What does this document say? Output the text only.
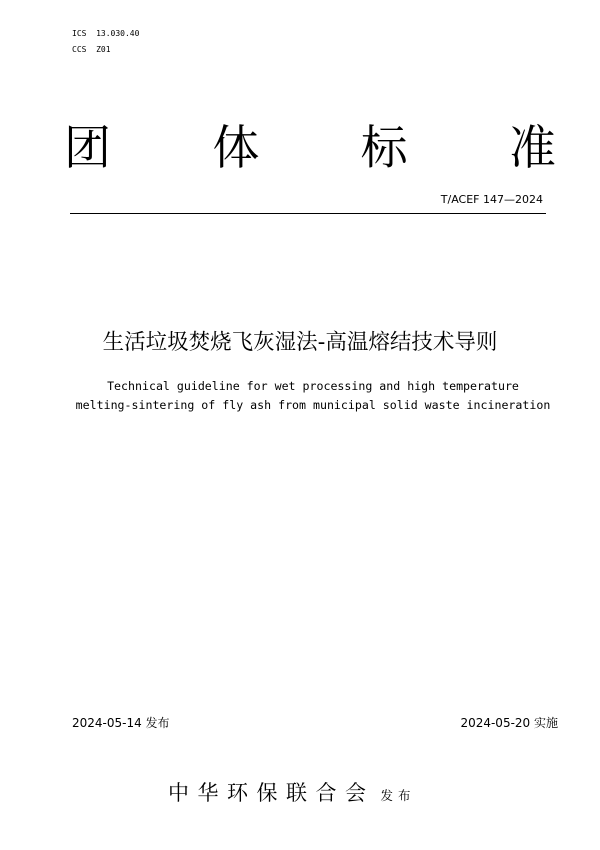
ICS  13.030.40
CCS  Z01
团 体 标 准
T/ACEF 147—2024
生活垃圾焚烧飞灰湿法-高温熔结技术导则
Technical guideline for wet processing and high temperature
melting-sintering of fly ash from municipal solid waste incineration
2024-05-14 发布	2024-05-20 实施
中华环保联合会 发布
